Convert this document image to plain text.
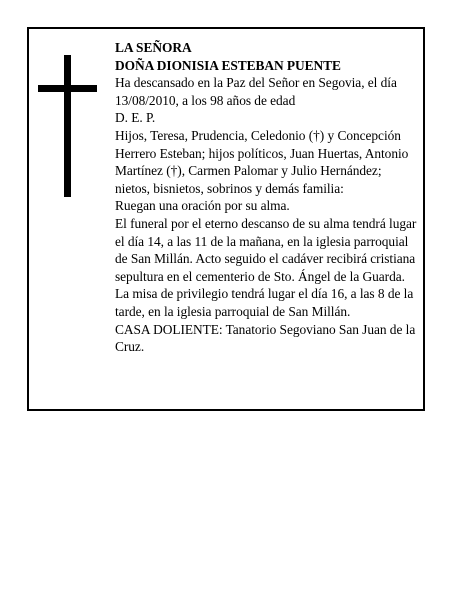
LA SEÑORA

DOÑA DIONISIA ESTEBAN PUENTE

Ha descansado en la Paz del Señor en Segovia, el día 13/08/2010, a los 98 años de edad

D. E. P.

Hijos, Teresa, Prudencia, Celedonio (†) y Concepción Herrero Esteban; hijos políticos, Juan Huertas, Antonio Martínez (†), Carmen Palomar y Julio Hernández; nietos, bisnietos, sobrinos y demás familia:

Ruegan una oración por su alma.

El funeral por el eterno descanso de su alma tendrá lugar el día 14, a las 11 de la mañana, en la iglesia parroquial de San Millán. Acto seguido el cadáver recibirá cristiana sepultura en el cementerio de Sto. Ángel de la Guarda. La misa de privilegio tendrá lugar el día 16, a las 8 de la tarde, en la iglesia parroquial de San Millán.

CASA DOLIENTE: Tanatorio Segoviano San Juan de la Cruz.
